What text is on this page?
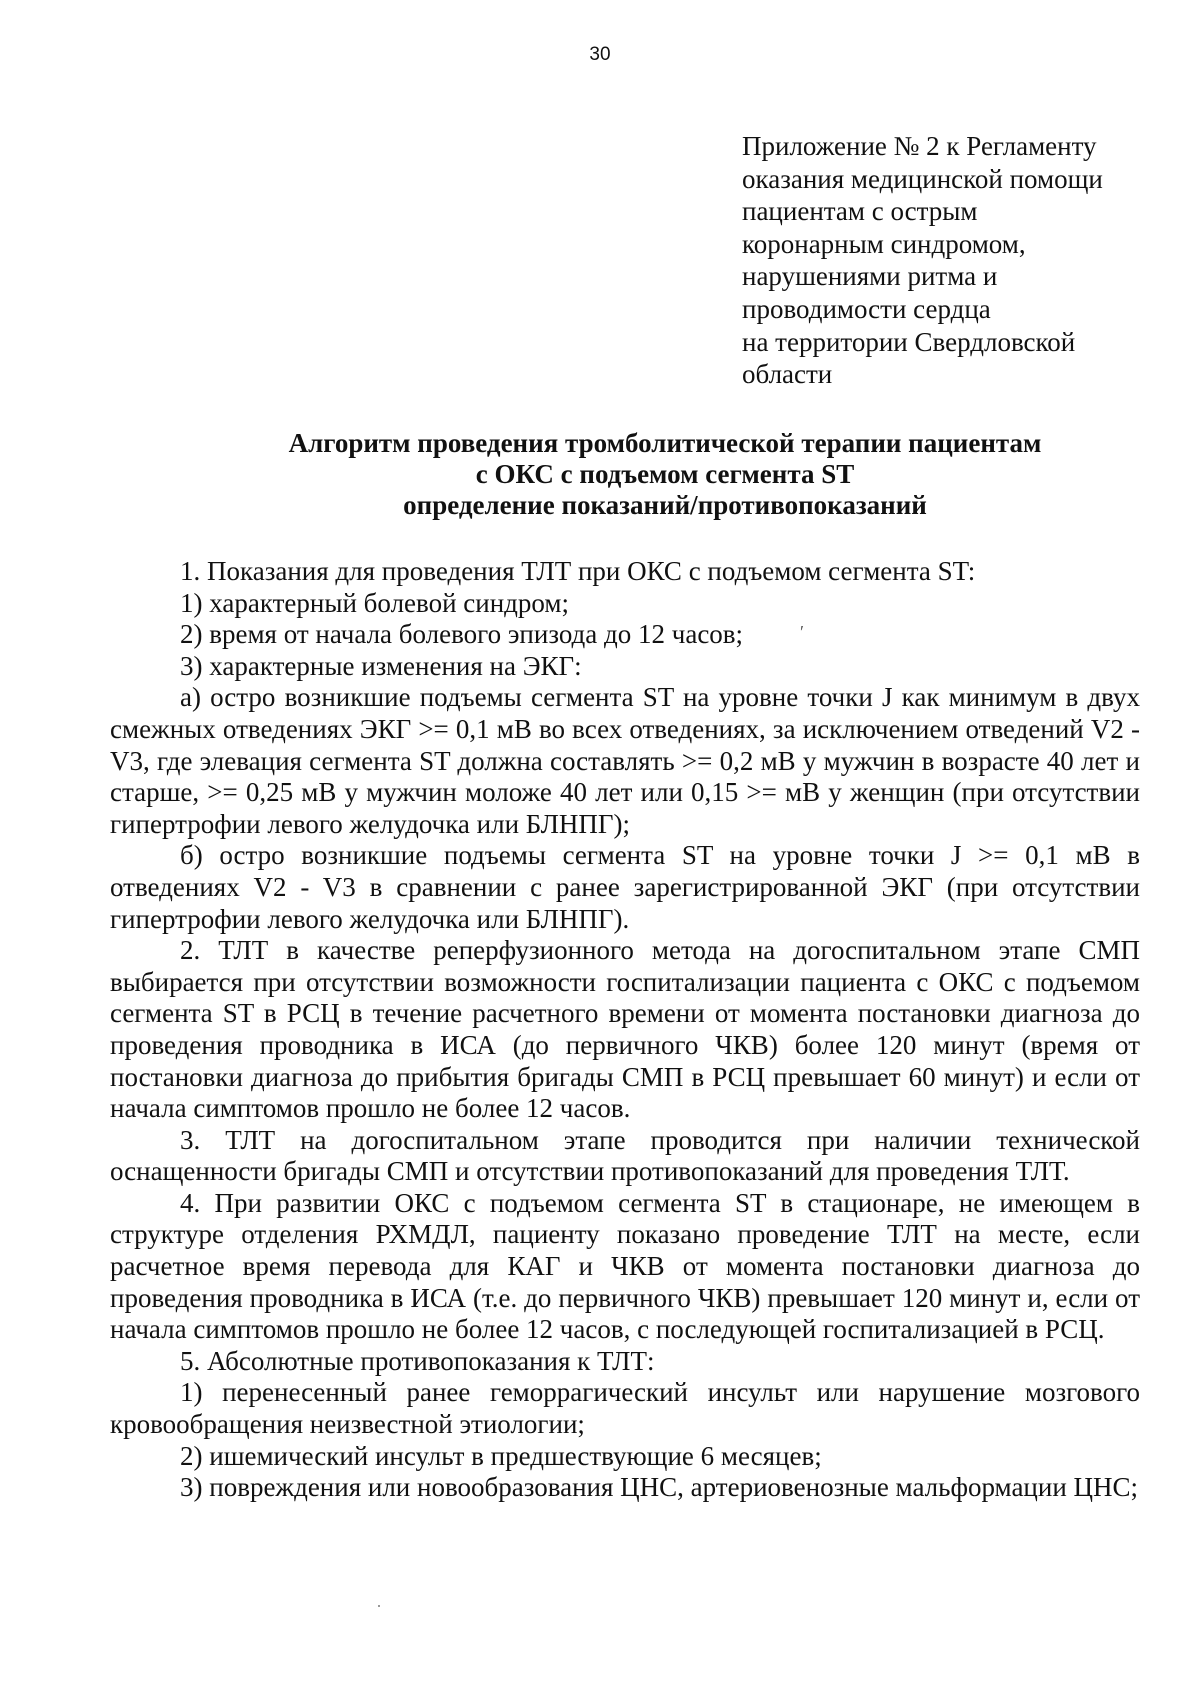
30
Приложение № 2 к Регламенту
оказания медицинской помощи
пациентам с острым
коронарным синдромом,
нарушениями ритма и
проводимости сердца
на территории Свердловской
области
Алгоритм проведения тромболитической терапии пациентам
с ОКС с подъемом сегмента ST
определение показаний/противопоказаний
′

1. Показания для проведения ТЛТ при ОКС с подъемом сегмента ST:

1) характерный болевой синдром;

2) время от начала болевого эпизода до 12 часов;

3) характерные изменения на ЭКГ:

а) остро возникшие подъемы сегмента ST на уровне точки J как минимум в двух смежных отведениях ЭКГ >= 0,1 мВ во всех отведениях, за исключением отведений V2 - V3, где элевация сегмента ST должна составлять >= 0,2 мВ у мужчин в возрасте 40 лет и старше, >= 0,25 мВ у мужчин моложе 40 лет или 0,15 >= мВ у женщин (при отсутствии гипертрофии левого желудочка или БЛНПГ);

б) остро возникшие подъемы сегмента ST на уровне точки J >= 0,1 мВ в отведениях V2 - V3 в сравнении с ранее зарегистрированной ЭКГ (при отсутствии гипертрофии левого желудочка или БЛНПГ).

2. ТЛТ в качестве реперфузионного метода на догоспитальном этапе СМП выбирается при отсутствии возможности госпитализации пациента с ОКС с подъемом сегмента ST в РСЦ в течение расчетного времени от момента постановки диагноза до проведения проводника в ИСА (до первичного ЧКВ) более 120 минут (время от постановки диагноза до прибытия бригады СМП в РСЦ превышает 60 минут) и если от начала симптомов прошло не более 12 часов.

3. ТЛТ на догоспитальном этапе проводится при наличии технической оснащенности бригады СМП и отсутствии противопоказаний для проведения ТЛТ.

4. При развитии ОКС с подъемом сегмента ST в стационаре, не имеющем в структуре отделения РХМДЛ, пациенту показано проведение ТЛТ на месте, если расчетное время перевода для КАГ и ЧКВ от момента постановки диагноза до проведения проводника в ИСА (т.е. до первичного ЧКВ) превышает 120 минут и, если от начала симптомов прошло не более 12 часов, с последующей госпитализацией в РСЦ.

5. Абсолютные противопоказания к ТЛТ:

1) перенесенный ранее геморрагический инсульт или нарушение мозгового кровообращения неизвестной этиологии;

2) ишемический инсульт в предшествующие 6 месяцев;

3) повреждения или новообразования ЦНС, артериовенозные мальформации ЦНС;
